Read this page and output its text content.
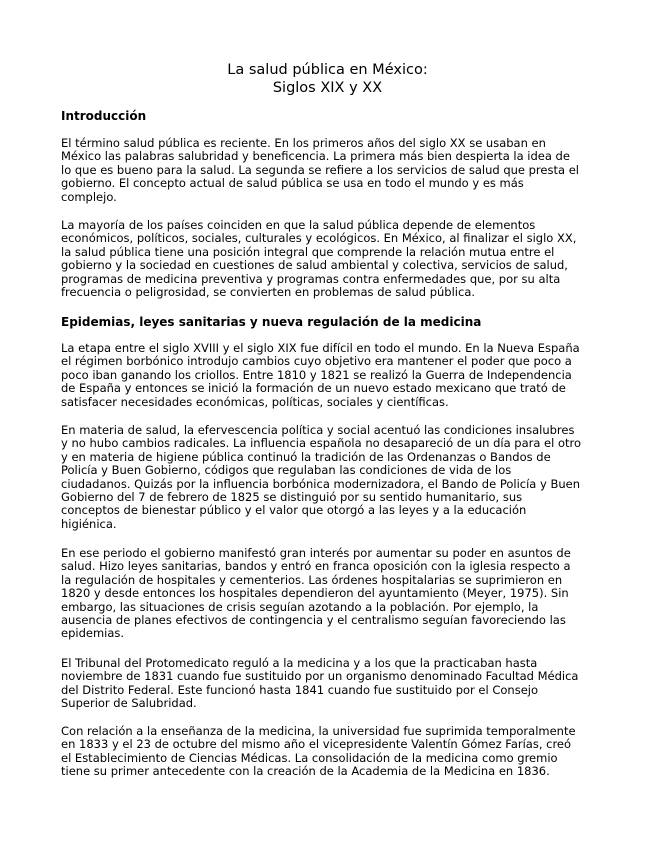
La salud pública en México:
Siglos XIX y XX
Introducción

El término salud pública es reciente. En los primeros años del siglo XX se usaban en
México las palabras salubridad y beneficencia. La primera más bien despierta la idea de
lo que es bueno para la salud. La segunda se refiere a los servicios de salud que presta el
gobierno. El concepto actual de salud pública se usa en todo el mundo y es más
complejo.

La mayoría de los países coinciden en que la salud pública depende de elementos
económicos, políticos, sociales, culturales y ecológicos. En México, al finalizar el siglo XX,
la salud pública tiene una posición integral que comprende la relación mutua entre el
gobierno y la sociedad en cuestiones de salud ambiental y colectiva, servicios de salud,
programas de medicina preventiva y programas contra enfermedades que, por su alta
frecuencia o peligrosidad, se convierten en problemas de salud pública.

Epidemias, leyes sanitarias y nueva regulación de la medicina

La etapa entre el siglo XVIII y el siglo XIX fue difícil en todo el mundo. En la Nueva España
el régimen borbónico introdujo cambios cuyo objetivo era mantener el poder que poco a
poco iban ganando los criollos. Entre 1810 y 1821 se realizó la Guerra de Independencia
de España y entonces se inició la formación de un nuevo estado mexicano que trató de
satisfacer necesidades económicas, políticas, sociales y científicas.

En materia de salud, la efervescencia política y social acentuó las condiciones insalubres
y no hubo cambios radicales. La influencia española no desapareció de un día para el otro
y en materia de higiene pública continuó la tradición de las Ordenanzas o Bandos de
Policía y Buen Gobierno, códigos que regulaban las condiciones de vida de los
ciudadanos. Quizás por la influencia borbónica modernizadora, el Bando de Policía y Buen
Gobierno del 7 de febrero de 1825 se distinguió por su sentido humanitario, sus
conceptos de bienestar público y el valor que otorgó a las leyes y a la educación
higiénica.

En ese periodo el gobierno manifestó gran interés por aumentar su poder en asuntos de
salud. Hizo leyes sanitarias, bandos y entró en franca oposición con la iglesia respecto a
la regulación de hospitales y cementerios. Las órdenes hospitalarias se suprimieron en
1820 y desde entonces los hospitales dependieron del ayuntamiento (Meyer, 1975). Sin
embargo, las situaciones de crisis seguían azotando a la población. Por ejemplo, la
ausencia de planes efectivos de contingencia y el centralismo seguían favoreciendo las
epidemias.

El Tribunal del Protomedicato reguló a la medicina y a los que la practicaban hasta
noviembre de 1831 cuando fue sustituido por un organismo denominado Facultad Médica
del Distrito Federal. Este funcionó hasta 1841 cuando fue sustituido por el Consejo
Superior de Salubridad.

Con relación a la enseñanza de la medicina, la universidad fue suprimida temporalmente
en 1833 y el 23 de octubre del mismo año el vicepresidente Valentín Gómez Farías, creó
el Establecimiento de Ciencias Médicas. La consolidación de la medicina como gremio
tiene su primer antecedente con la creación de la Academia de la Medicina en 1836.
